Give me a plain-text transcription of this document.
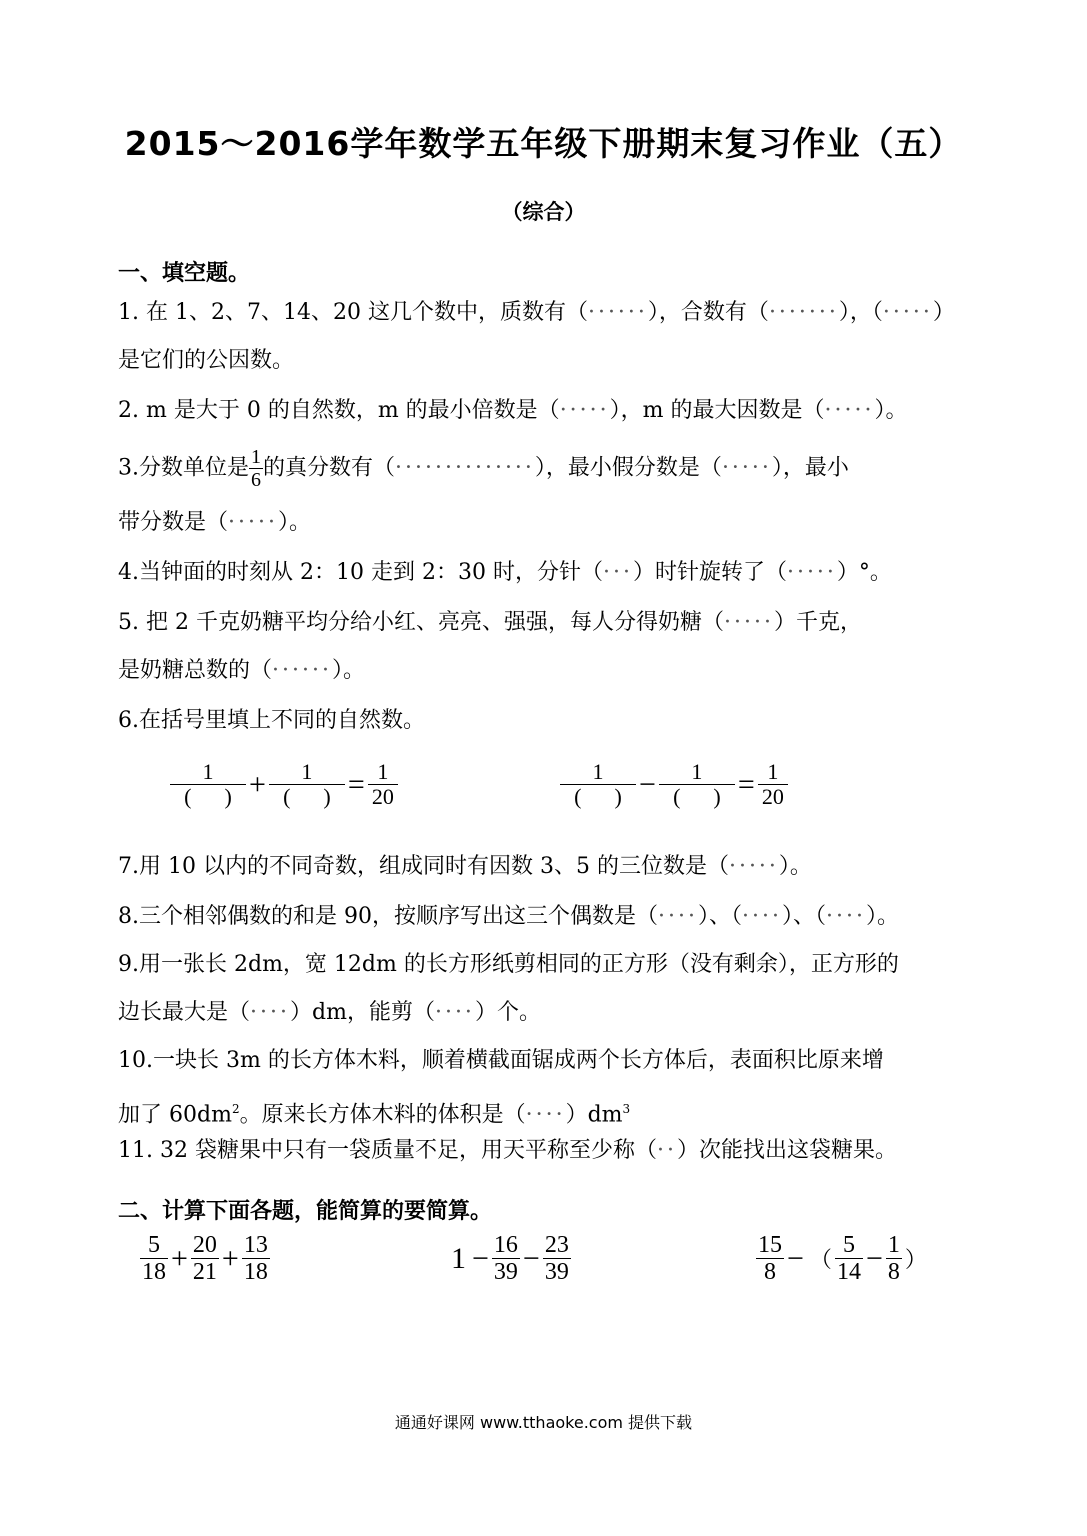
2015～2016学年数学五年级下册期末复习作业（五）
（综合）
一、填空题。
1. 在 1、2、7、14、20 这几个数中，质数有（······），合数有（·······），（·····）
是它们的公因数。
2. m 是大于 0 的自然数，m 的最小倍数是（·····），m 的最大因数是（·····）。
3.分数单位是 $\frac{1}{6}$ 的真分数有（··············），最小假分数是（·····），最小
带分数是（·····）。
4.当钟面的时刻从 2：10 走到 2：30 时，分针（···）时针旋转了（·····）°。
5. 把 2 千克奶糖平均分给小红、亮亮、强强，每人分得奶糖（·····）千克，
是奶糖总数的（······）。
6.在括号里填上不同的自然数。
$\frac{1}{( )} + \frac{1}{( )} = \frac{1}{20}$	$\frac{1}{( )} - \frac{1}{( )} = \frac{1}{20}$
7.用 10 以内的不同奇数，组成同时有因数 3、5 的三位数是（·····）。
8.三个相邻偶数的和是 90，按顺序写出这三个偶数是（····）、（····）、（····）。
9.用一张长 2dm，宽 12dm 的长方形纸剪相同的正方形（没有剩余），正方形的
边长最大是（····）dm，能剪（····）个。
10.一块长 3m 的长方体木料，顺着横截面锯成两个长方体后，表面积比原来增
加了 $60dm^2$。原来长方体木料的体积是$(\cdot\cdot\cdot\cdot)dm^3$
11. 32 袋糖果中只有一袋质量不足，用天平称至少称（··）次能找出这袋糖果。
二、计算下面各题，能简算的要简算。
$\frac{5}{18} + \frac{20}{21} + \frac{13}{18}$	$1 - \frac{16}{39} - \frac{23}{39}$	$\frac{15}{8}$ − （ $\frac{5}{14} - \frac{1}{8}$ ）
通通好课网 www.tthaoke.com 提供下载
